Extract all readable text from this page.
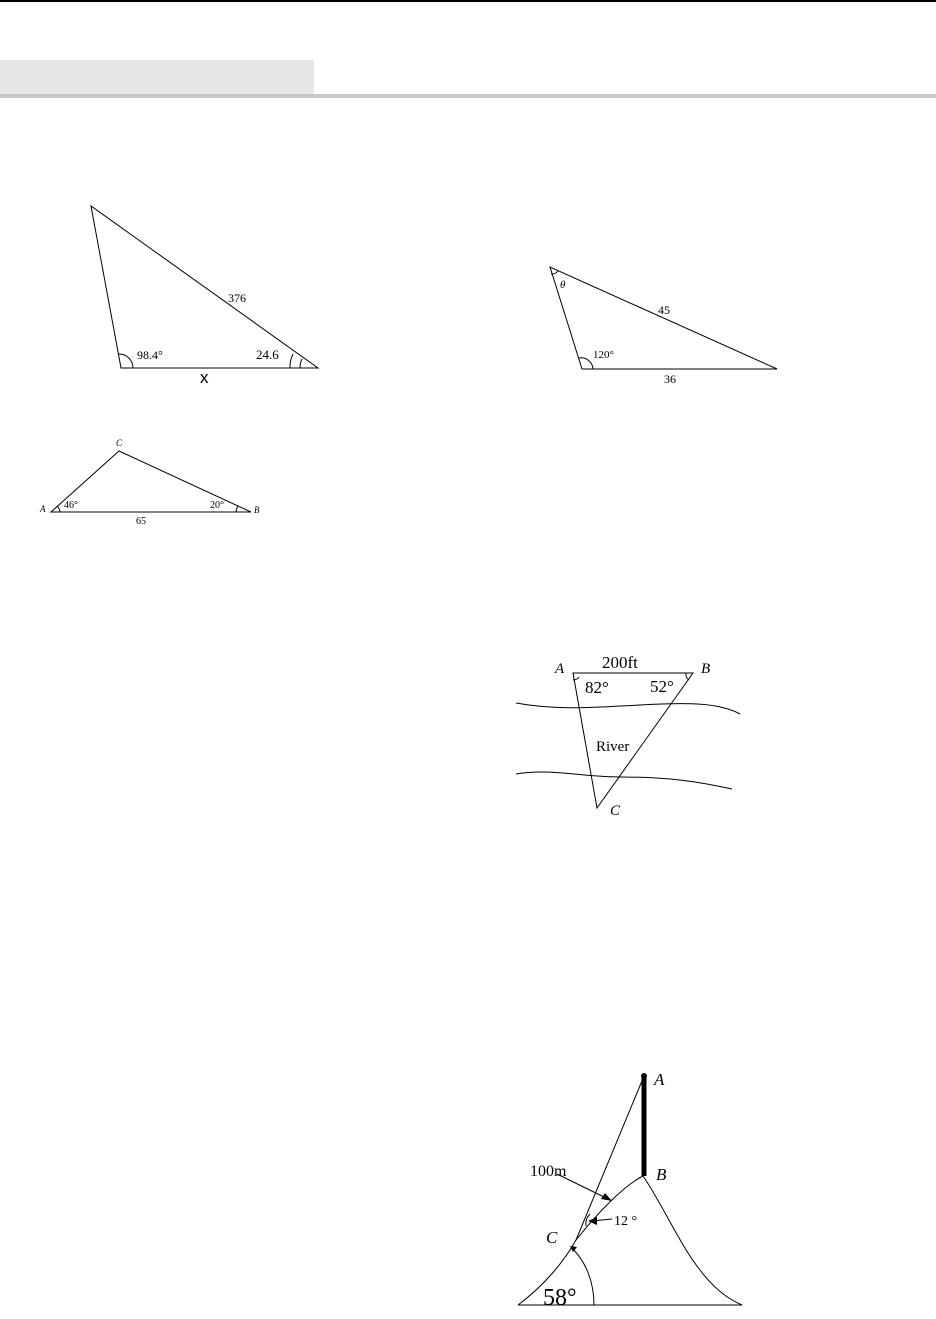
376
98.4°	24.6
x
θ
45
120°
36
C
A	B
46°	20°
65
A 200ft	B
82° 52°
River
C
A
B
C
100m
12 °
58°
